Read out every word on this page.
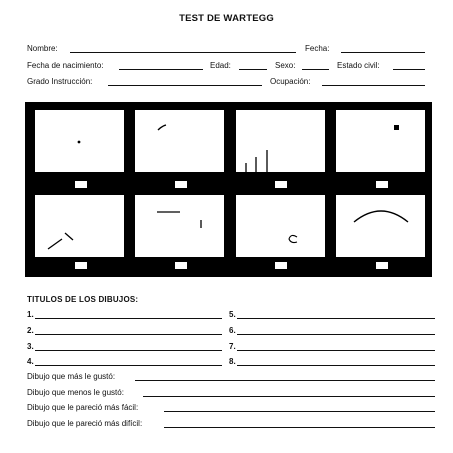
TEST DE WARTEGG
Nombre:	Fecha:
Fecha de nacimiento:	Edad:	Sexo:	Estado civil:
Grado Instrucción:	Ocupación:
TITULOS DE LOS DIBUJOS:
1.
2.
3.
4.
5.
6.
7.
8.
Dibujo que más le gustó:
Dibujo que menos le gustó:
Dibujo que le pareció más fácil:
Dibujo que le pareció más difícil:
